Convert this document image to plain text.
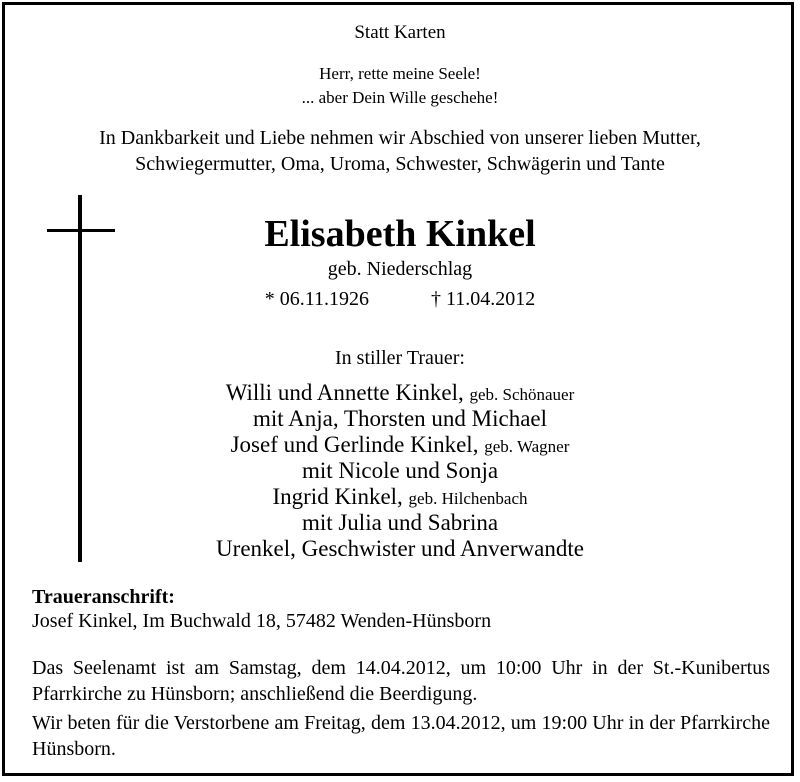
Statt Karten
Herr, rette meine Seele!
... aber Dein Wille geschehe!
In Dankbarkeit und Liebe nehmen wir Abschied von unserer lieben Mutter,
Schwiegermutter, Oma, Uroma, Schwester, Schwägerin und Tante
Elisabeth Kinkel
geb. Niederschlag
* 06.11.1926	† 11.04.2012
In stiller Trauer:
Willi und Annette Kinkel, geb. Schönauer
mit Anja, Thorsten und Michael
Josef und Gerlinde Kinkel, geb. Wagner
mit Nicole und Sonja
Ingrid Kinkel, geb. Hilchenbach
mit Julia und Sabrina
Urenkel, Geschwister und Anverwandte
Traueranschrift:
Josef Kinkel, Im Buchwald 18, 57482 Wenden-Hünsborn
Das Seelenamt ist am Samstag, dem 14.04.2012, um 10:00 Uhr in der St.-Kunibertus Pfarrkirche zu Hünsborn; anschließend die Beerdigung.
Wir beten für die Verstorbene am Freitag, dem 13.04.2012, um 19:00 Uhr in der Pfarrkirche Hünsborn.
